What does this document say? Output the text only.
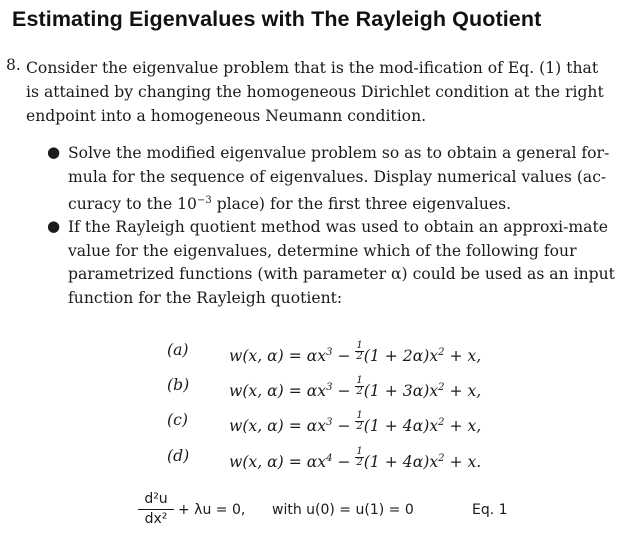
Estimating Eigenvalues with The Rayleigh Quotient
8. Consider the eigenvalue problem that is the mod-ification of Eq. (1) that
is attained by changing the homogeneous Dirichlet condition at the right
endpoint into a homogeneous Neumann condition.
● Solve the modified eigenvalue problem so as to obtain a general for-
mula for the sequence of eigenvalues. Display numerical values (ac-
curacy to the $10^{-3}$ place) for the first three eigenvalues.
● If the Rayleigh quotient method was used to obtain an approxi-mate
value for the eigenvalues, determine which of the following four
parametrized functions (with parameter α) could be used as an input
function for the Rayleigh quotient:
(a)	w(x, $\alpha) = \alpha x^3 - \frac{1}{2} (1 + 2\alpha)x^2 + x$,
(b)	w(x, $\alpha) = \alpha x^3 - \frac{1}{2} (1 + 3\alpha)x^2 + x$,
(c)	w(x, $\alpha) = \alpha x^3 - \frac{1}{2} (1 + 4\alpha)x^2 + x$,
(d)	w(x, $\alpha) = \alpha x^4 - \frac{1}{2} (1 + 4\alpha)x^2 + x$.
$\frac{\text{d²u}}{\text{dx²}} + \lambda u = 0$, with u(0) = u(1) = 0	Eq. 1
